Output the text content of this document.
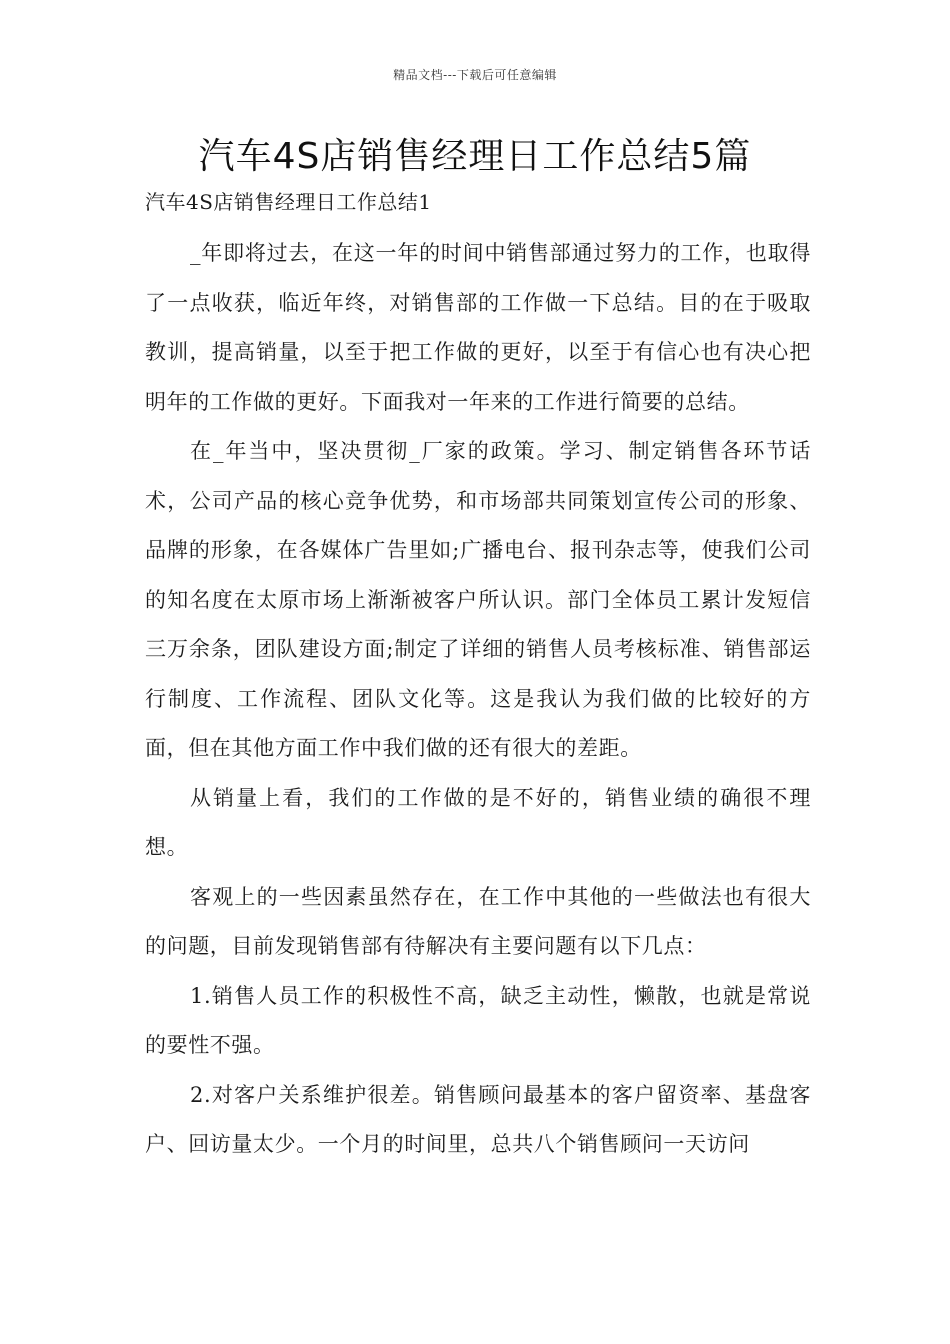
精品文档---下载后可任意编辑
汽车4S店销售经理日工作总结5篇
汽车4S店销售经理日工作总结1

_年即将过去，在这一年的时间中销售部通过努力的工作，也取得了一点收获，临近年终，对销售部的工作做一下总结。目的在于吸取教训，提高销量，以至于把工作做的更好，以至于有信心也有决心把明年的工作做的更好。下面我对一年来的工作进行简要的总结。

在_年当中，坚决贯彻_厂家的政策。学习、制定销售各环节话术，公司产品的核心竞争优势，和市场部共同策划宣传公司的形象、品牌的形象，在各媒体广告里如;广播电台、报刊杂志等，使我们公司的知名度在太原市场上渐渐被客户所认识。部门全体员工累计发短信三万余条，团队建设方面;制定了详细的销售人员考核标准、销售部运行制度、工作流程、团队文化等。这是我认为我们做的比较好的方面，但在其他方面工作中我们做的还有很大的差距。

从销量上看，我们的工作做的是不好的，销售业绩的确很不理想。

客观上的一些因素虽然存在，在工作中其他的一些做法也有很大的问题，目前发现销售部有待解决有主要问题有以下几点：

1.销售人员工作的积极性不高，缺乏主动性，懒散，也就是常说的要性不强。

2.对客户关系维护很差。销售顾问最基本的客户留资率、基盘客户、回访量太少。一个月的时间里，总共八个销售顾问一天访问
